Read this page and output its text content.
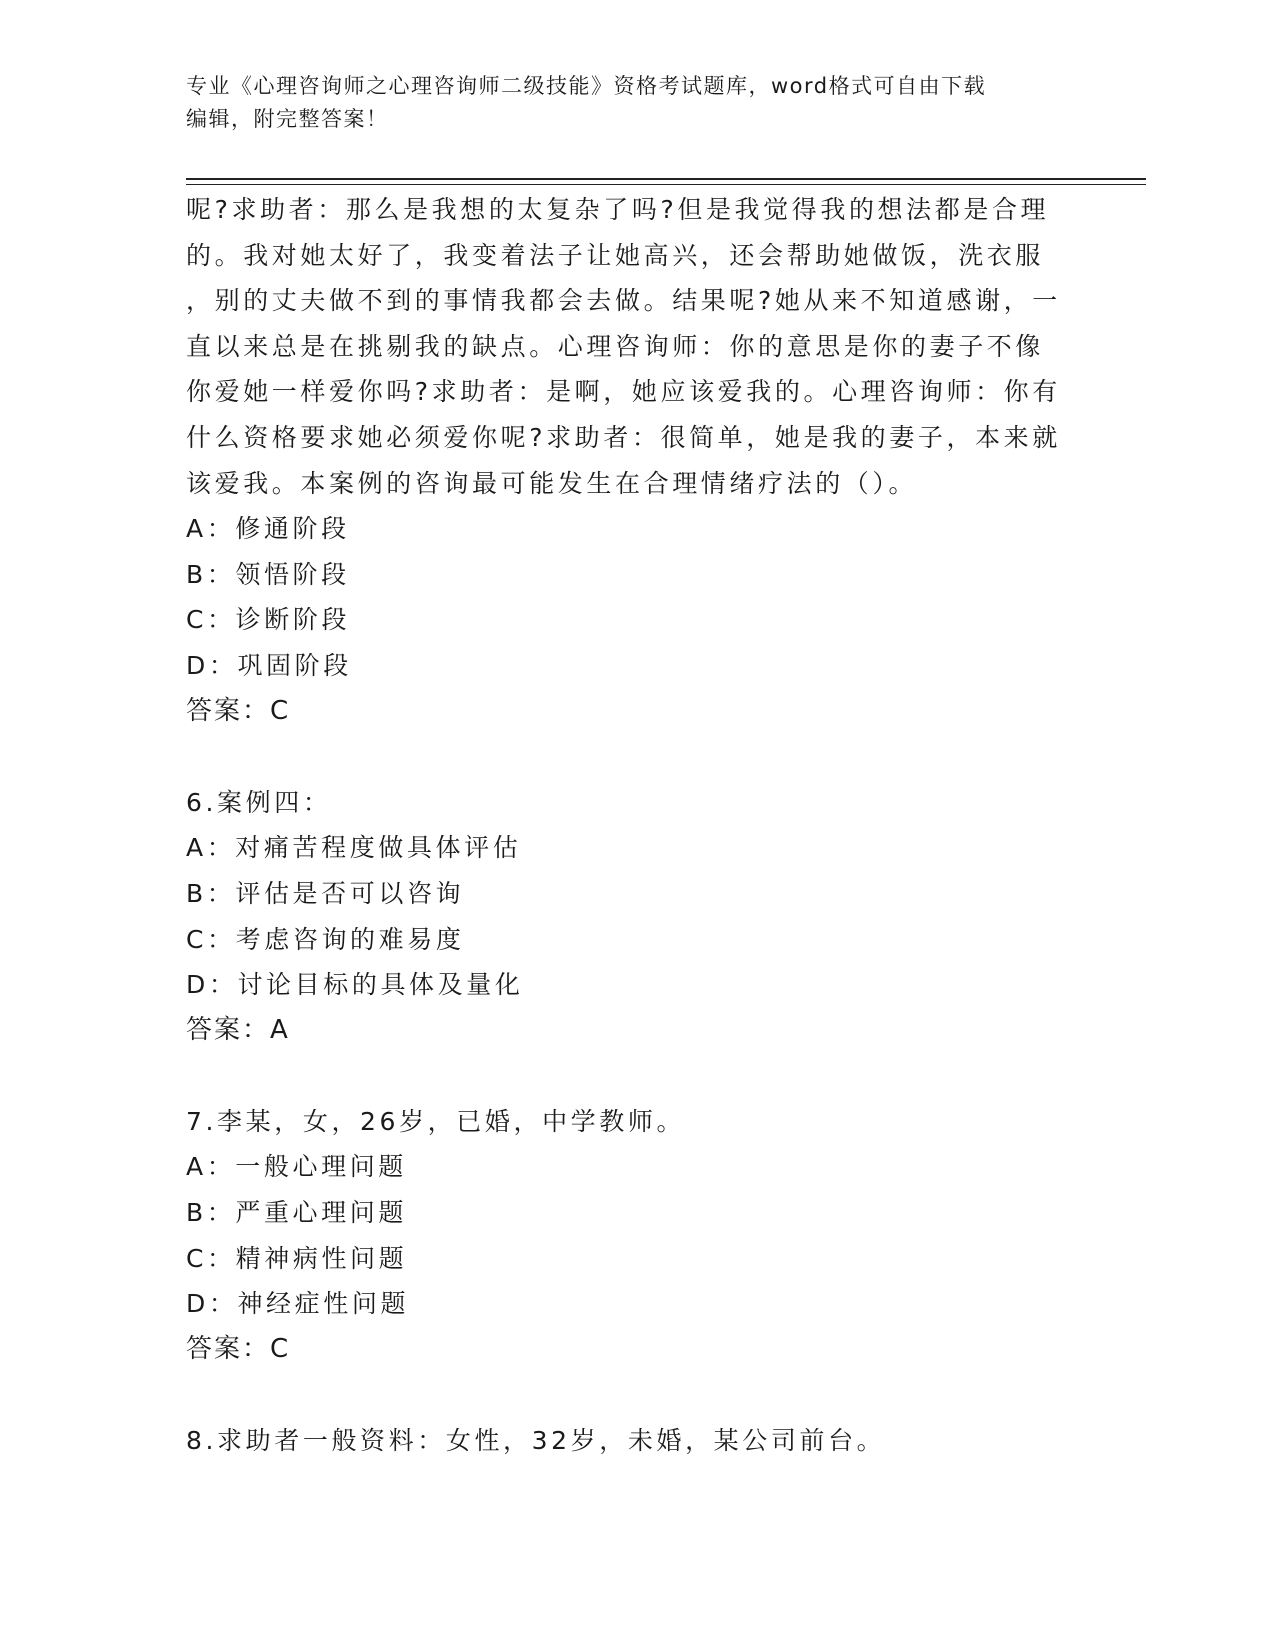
专业《心理咨询师之心理咨询师二级技能》资格考试题库，word格式可自由下载
编辑，附完整答案！
呢?求助者：那么是我想的太复杂了吗?但是我觉得我的想法都是合理
的。我对她太好了，我变着法子让她高兴，还会帮助她做饭，洗衣服
，别的丈夫做不到的事情我都会去做。结果呢?她从来不知道感谢，一
直以来总是在挑剔我的缺点。心理咨询师：你的意思是你的妻子不像
你爱她一样爱你吗?求助者：是啊，她应该爱我的。心理咨询师：你有
什么资格要求她必须爱你呢?求助者：很简单，她是我的妻子，本来就
该爱我。本案例的咨询最可能发生在合理情绪疗法的（）。
A：修通阶段
B：领悟阶段
C：诊断阶段
D：巩固阶段
答案：C
6.案例四：
A：对痛苦程度做具体评估
B：评估是否可以咨询
C：考虑咨询的难易度
D：讨论目标的具体及量化
答案：A
7.李某，女，26岁，已婚，中学教师。
A：一般心理问题
B：严重心理问题
C：精神病性问题
D：神经症性问题
答案：C
8.求助者一般资料：女性，32岁，未婚，某公司前台。
